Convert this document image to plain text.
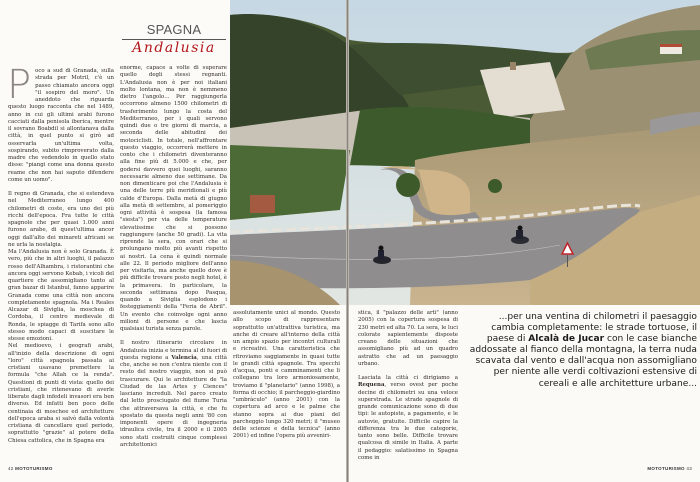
SPAGNA
Andalusia

Poco a sud di Granada, sulla strada per Motril, c'è un passo chiamato ancora oggi "il sospiro del moro". Un aneddoto che riguarda questo luogo racconta che nel 1489, anno in cui gli ultimi arabi furono cacciati dalla penisola iberica, mentre il sovrano Boabdil si allontanava dalla città, in quel punto si girò ad osservarla un'ultima volta, sospirando, subito rimproverato dalla madre che vedendolo in quello stato disse: "piangi come una donna questo reame che non hai saputo difendere come un uomo".

Il regno di Granada, che si estendeva nel Mediterraneo lungo 400 chilometri di coste, era uno dei più ricchi dell'epoca. Fra tutte le città spagnole che per quasi 1.000 anni furono arabe, di quest'ultima ancor oggi dall'alto dei minareti africani se ne urla la nostalgia.

Ma l'Andalusia non è solo Granada. È vero, più che in altri luoghi, il palazzo rosso dell'Alhambra, i ristorantini che ancora oggi servono Kebab, i vicoli del quartiere che assomigliano tanto al gran bazar di Istanbul, fanno apparire Granada come una città non ancora completamente spagnola. Ma i Reales Alcazar di Siviglia, la moschea di Cordoba, il centro medievale di Ronda, le spiagge di Tarifa sono allo stesso modo capaci di suscitare le stesse emozioni.

Nel medioevo, i geografi arabi, all'inizio della descrizione di ogni "loro" città spagnola passata ai cristiani usavano premettere la formula "che Allah ce la renda". Questioni di punti di vista: quello dei cristiani, che ritenevano di averle liberate dagli infedeli invasori era ben diverso. Ed infatti ben poco delle centinaia di moschee ed architetture dell'epoca araba si salvò dalla volontà cristiana di cancellare quel periodo, soprattutto "grazie" al potere della Chiesa cattolica, che in Spagna era

enorme, capace a volte di superare quello degli stessi regnanti. L'Andalusia non è per noi italiani molto lontana, ma non è nemmeno dietro l'angolo… Per raggiungerla occorrono almeno 1500 chilometri di trasferimento lungo la costa del Mediterraneo, per i quali servono quindi due o tre giorni di marcia, a seconda delle abitudini dei motociclisti. In totale, nell'affrontare questo viaggio, occorrerà mettere in conto che i chilometri diventeranno alla fine più di 5.000 e che, per godersi davvero quei luoghi, saranno necessarie almeno due settimane. Da non dimenticare poi che l'Andalusia è una delle terre più meridionali e più calde d'Europa. Dalla metà di giugno alla metà di settembre, al pomeriggio ogni attività è sospesa (la famosa "siesta") per via delle temperature elevatissime che si possono raggiungere (anche 50 gradi). La vita riprende la sera, con orari che si prolungano molto più avanti rispetto ai nostri. La cena è quindi normale alle 22. Il periodo migliore dell'anno per visitarla, ma anche quello dove è più difficile trovare posto negli hotel, è la primavera. In particolare, la seconda settimana dopo Pasqua, quando a Siviglia esplodono i festeggiamenti della "Feria de Abril". Un evento che coinvolge ogni anno milioni di persone e che lascia qualsiasi turista senza parole.

Il nostro itinerario circolare in Andalusia inizia e termina al di fuori di questa regione a Valencia, una città che, anche se non c'entra niente con il resto del nostro viaggio, non si può trascurare. Qui le architetture de "la Ciudad de las Artes y Ciences" lasciano increduli. Nel parco creato dal letto prosciugato del fiume Turia che attraversava la città, e che fu spostato da questa negli anni '80 con imponenti opere di ingegneria idraulica civile, tra il 2000 e il 2005 sono stati costruiti cinque complessi architettonici

assolutamente unici al mondo. Questo allo scopo di rappresentare soprattutto un'attrattiva turistica, ma anche di creare all'interno della città un ampio spazio per incontri culturali e ricreativi. Una caratteristica che ritroviamo saggiamente in quasi tutte le grandi città spagnole. Tra specchi d'acqua, ponti e camminamenti che li collegano tra loro armoniosamente, troviamo il "planetario" (anno 1998), a forma di occhio; il parcheggio-giardino "umbràculo" (anno 2001) con la copertura ad arco e le palme che stanno sopra ai due piani del parcheggio lungo 320 metri; il "museo delle scienze e della tecnica" (anno 2001) ed infine l'opera più avveniri-

stica, il "palazzo delle arti" (anno 2005) con la copertura sospesa di 230 metri ed alta 70. La sera, le luci colorate sapientemente disposte creano delle situazioni che assomigliano più ad un quadro astratto che ad un paesaggio urbano.

Lasciata la città ci dirigiamo a Requena, verso ovest per poche decine di chilometri su una veloce superstrada. Le strade spagnole di grande comunicazione sono di due tipi: le autopiste, a pagamento, e le autovie, gratuite. Difficile capire la differenza tra le due categorie, tanto sono belle. Difficile trovare qualcosa di simile in Italia. A parte il pedaggio: salatissimo in Spagna come in

...per una ventina di chilometri il paesaggio cambia completamente: le strade tortuose, il paese di Alcalà de Jucar con le case bianche addossate al fianco della montagna, la terra nuda scavata dal vento e dall'acqua non assomigliano per niente alle verdi coltivazioni estensive di cereali e alle architetture urbane...
42 MOTOTURISMO	MOTOTURISMO 43
